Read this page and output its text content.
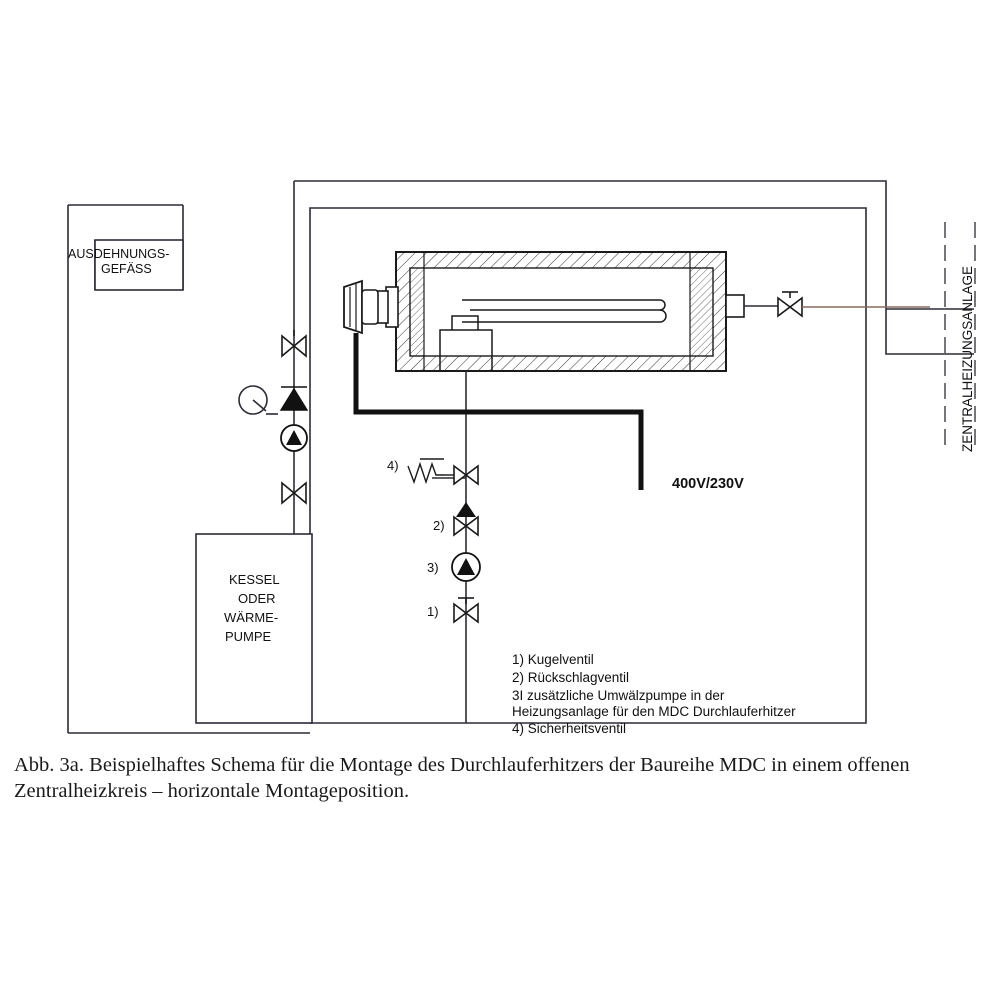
AUSDEHNUNGS-
GEFÄSS
KESSEL
ODER
WÄRME-
PUMPE
ZENTRALHEIZUNGSANLAGE
400V/230V
4)
2)
3)
1)
1) Kugelventil
2) Rückschlagventil
3I zusätzliche Umwälzpumpe in der
Heizungsanlage für den MDC Durchlauferhitzer
4) Sicherheitsventil
Abb. 3a. Beispielhaftes Schema für die Montage des Durchlauferhitzers der Baureihe MDC in einem offenen Zentralheizkreis – horizontale Montageposition.
